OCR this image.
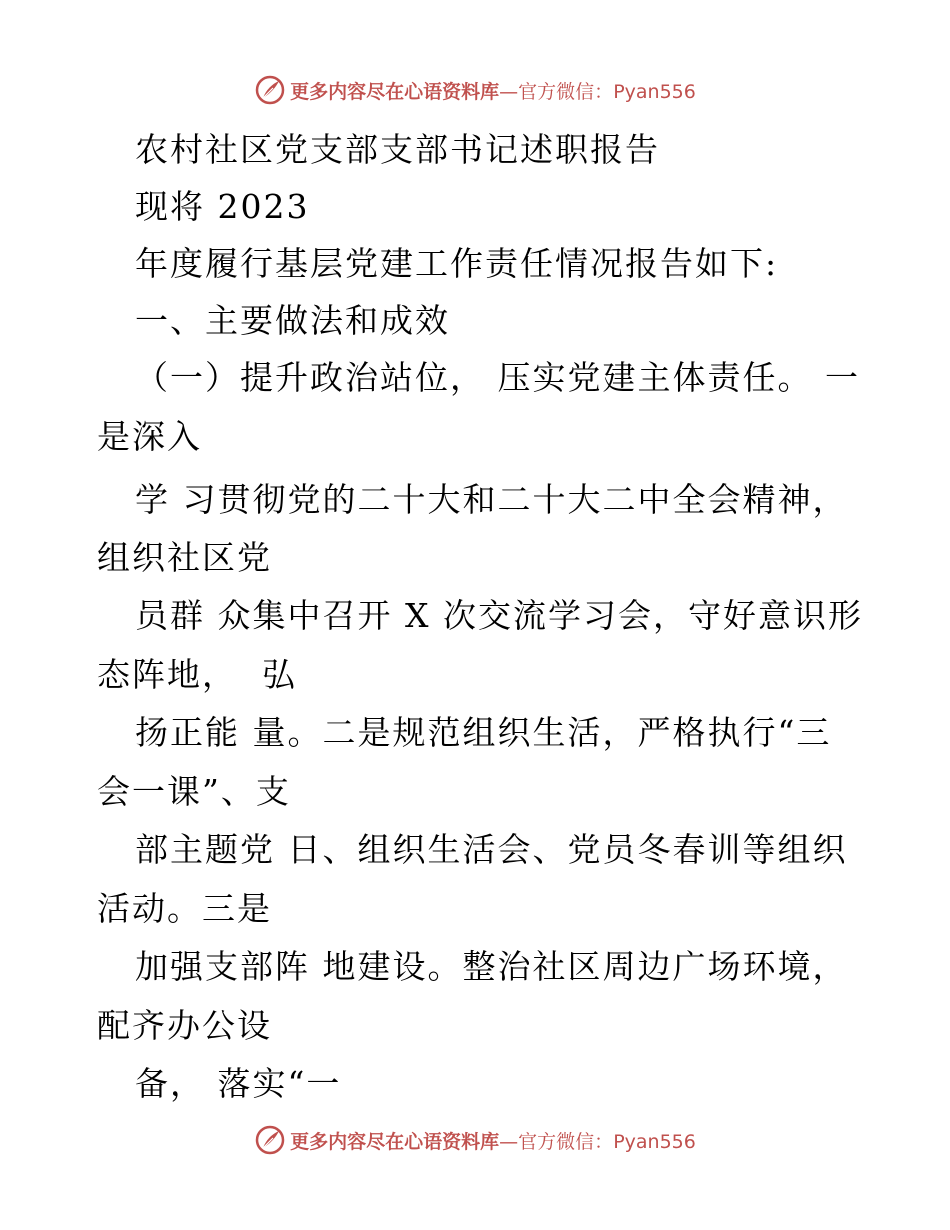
更多内容尽在心语资料库—官方微信：Pyan556
农村社区党支部支部书记述职报告
现将 2023
年度履行基层党建工作责任情况报告如下:
一、主要做法和成效
（一）提升政治站位， 压实党建主体责任。 一
是深入
学 习贯彻党的二十大和二十大二中全会精神，
组织社区党
员群 众集中召开 X 次交流学习会，守好意识形
态阵地，  弘
扬正能 量。二是规范组织生活，严格执行“三
会一课”、支
部主题党 日、组织生活会、党员冬春训等组织
活动。三是
加强支部阵 地建设。整治社区周边广场环境，
配齐办公设
备， 落实“一
更多内容尽在心语资料库—官方微信：Pyan556
